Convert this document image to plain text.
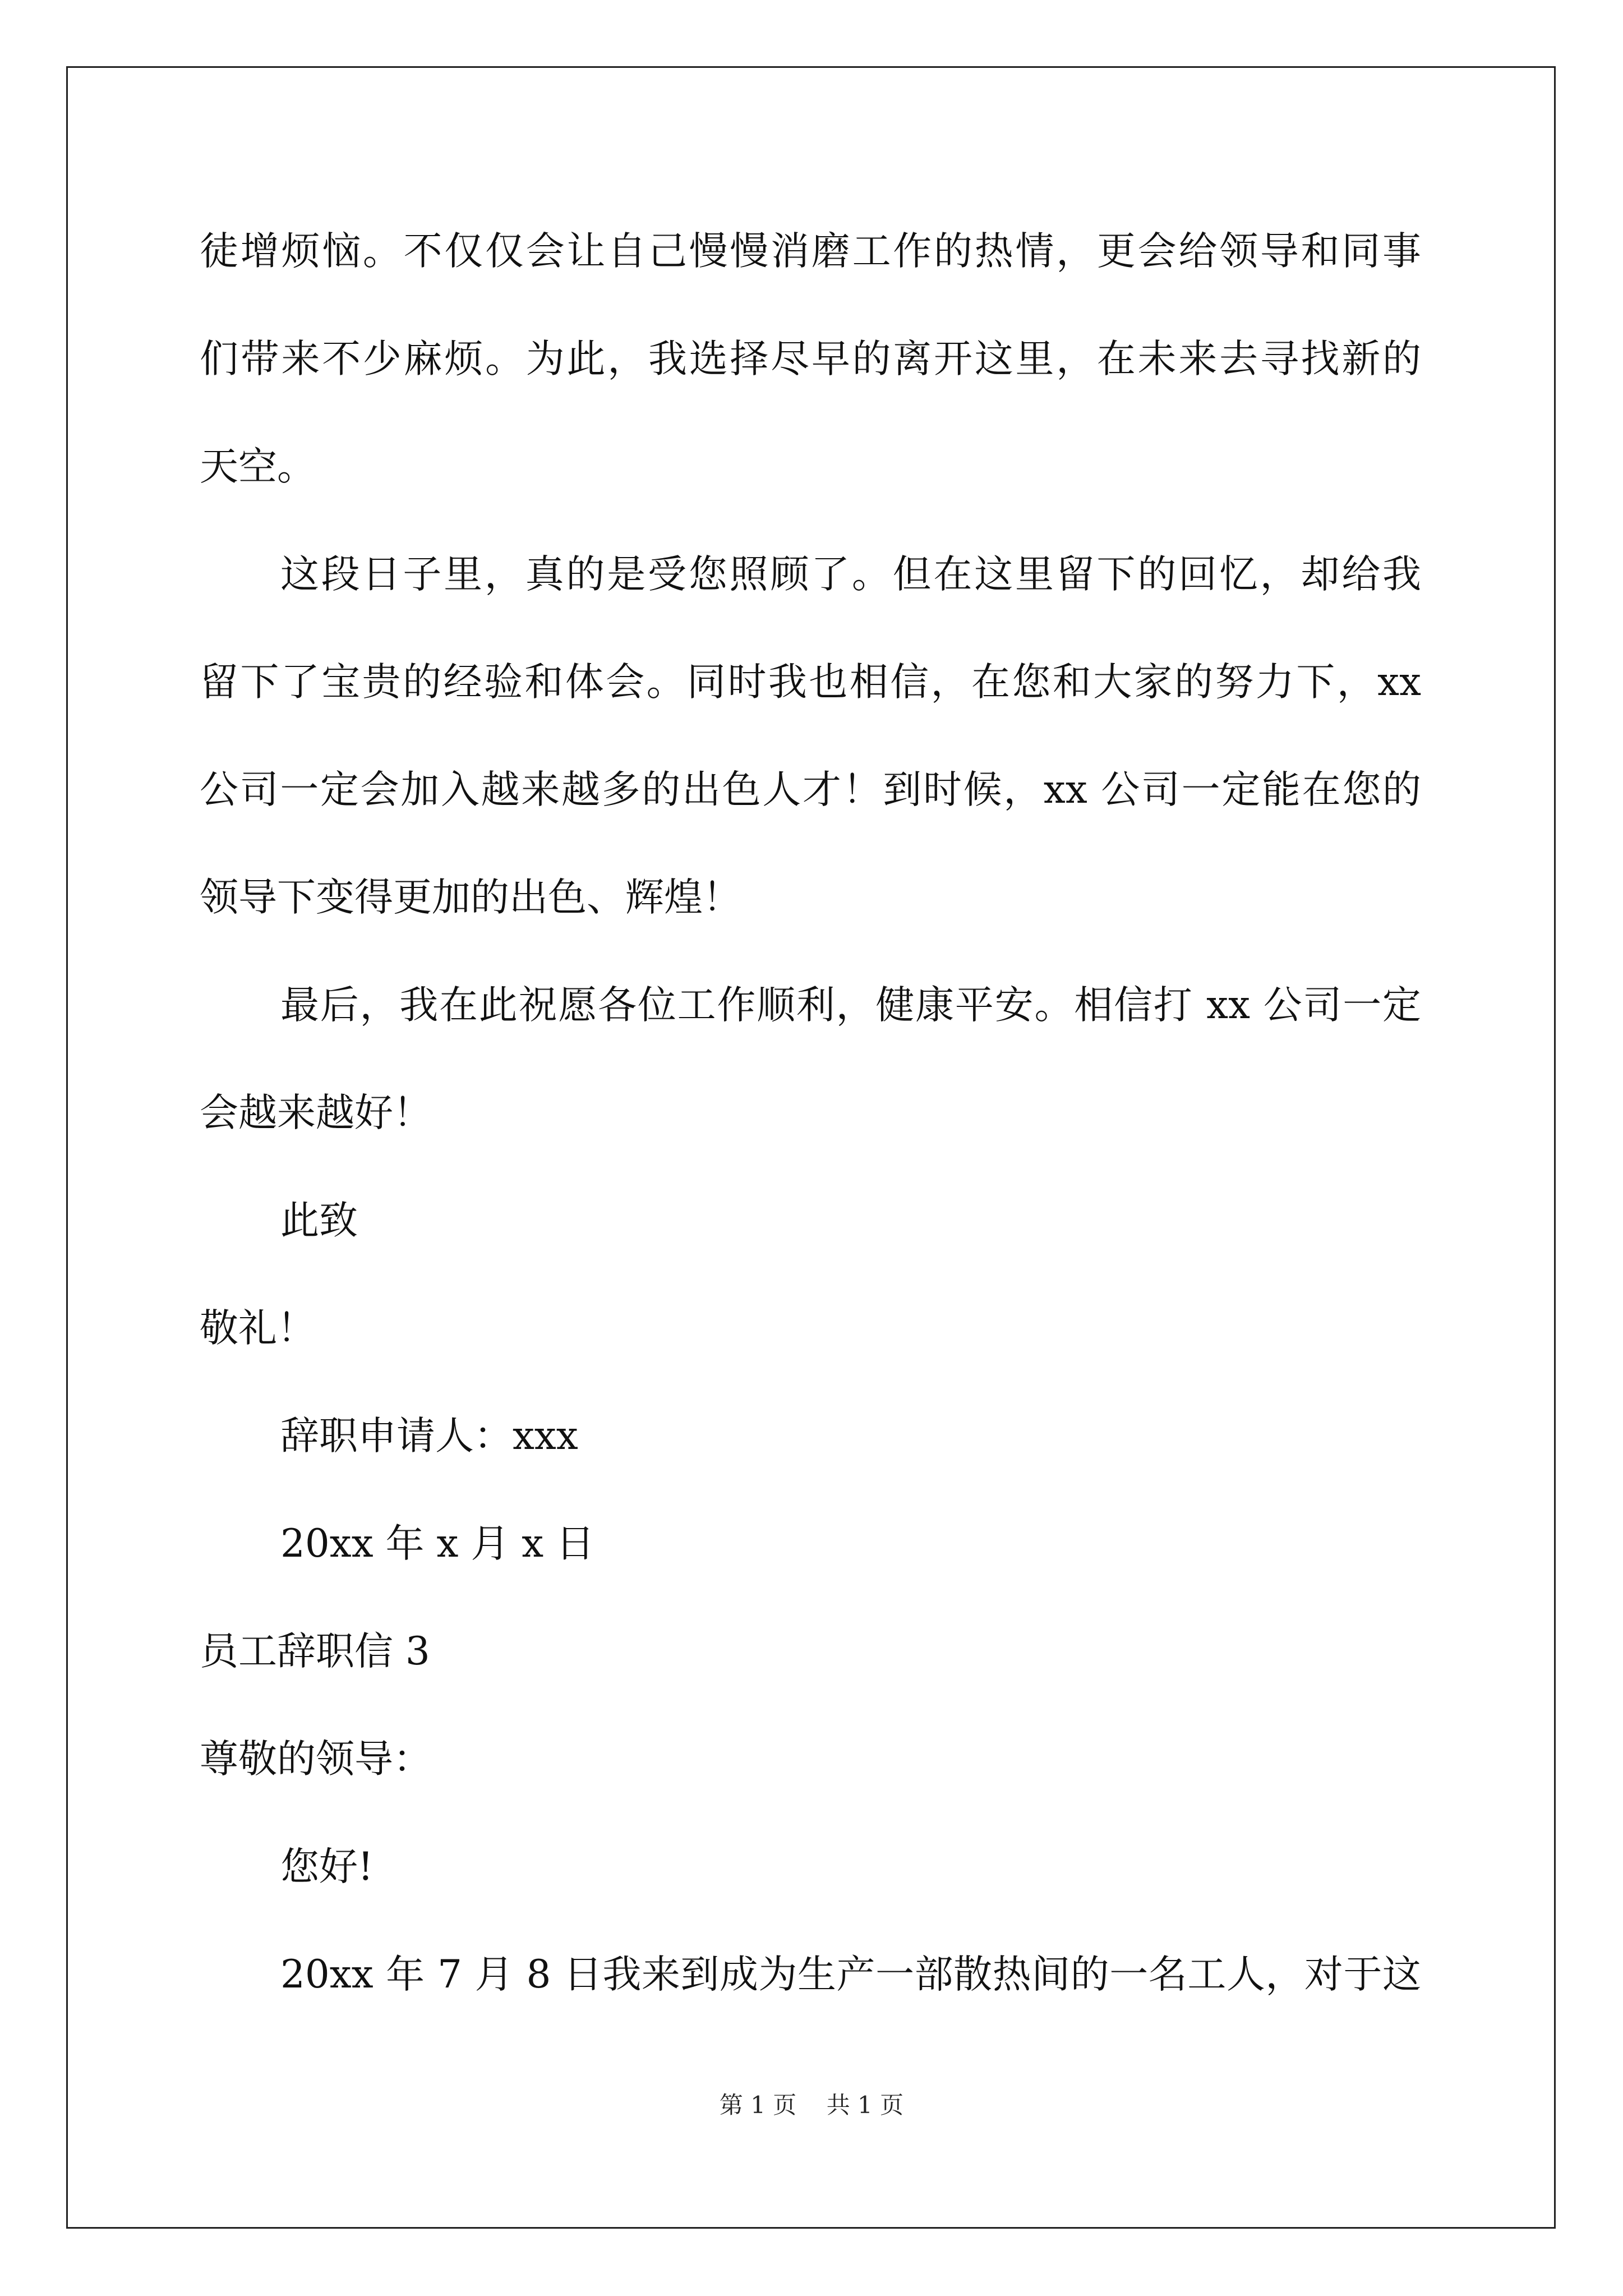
徒增烦恼。不仅仅会让自己慢慢消磨工作的热情，更会给领导和同事
们带来不少麻烦。为此，我选择尽早的离开这里，在未来去寻找新的
天空。
这段日子里，真的是受您照顾了。但在这里留下的回忆，却给我
留下了宝贵的经验和体会。同时我也相信，在您和大家的努力下，xx
公司一定会加入越来越多的出色人才！到时候，xx 公司一定能在您的
领导下变得更加的出色、辉煌！
最后，我在此祝愿各位工作顺利，健康平安。相信打 xx 公司一定
会越来越好！
此致
敬礼！
辞职申请人：xxx
20xx 年 x 月 x 日
员工辞职信 3
尊敬的领导：
您好!
20xx 年 7 月 8 日我来到成为生产一部散热间的一名工人，对于这
第 1 页    共 1 页
